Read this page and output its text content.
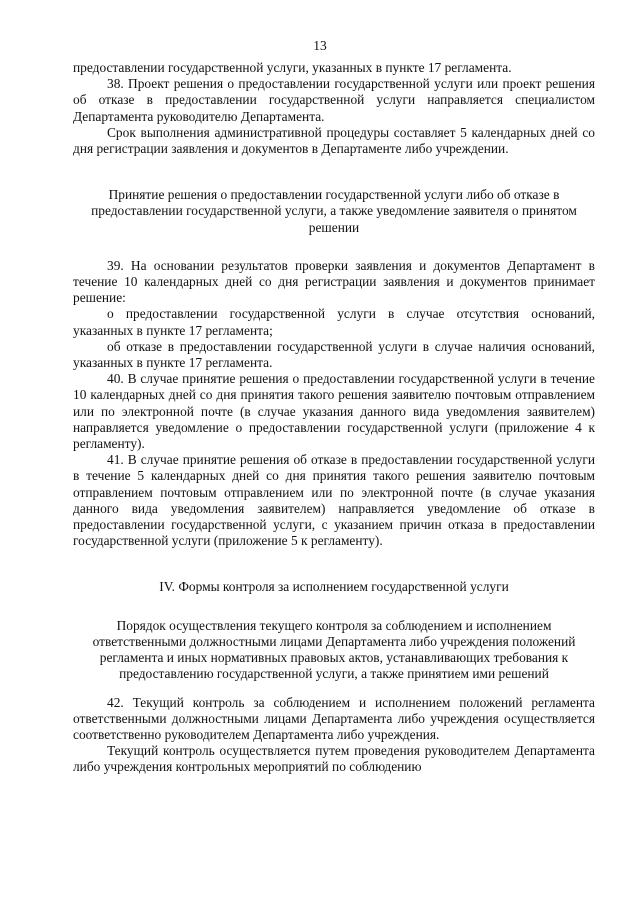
13

предоставлении государственной услуги, указанных в пункте 17 регламента.

38. Проект решения о предоставлении государственной услуги или проект решения об отказе в предоставлении государственной услуги направляется специалистом Департамента руководителю Департамента.

Срок выполнения административной процедуры составляет 5 календарных дней со дня регистрации заявления и документов в Департаменте либо учреждении.

Принятие решения о предоставлении государственной услуги либо об отказе в предоставлении государственной услуги, а также уведомление заявителя о принятом решении

39. На основании результатов проверки заявления и документов Департамент в течение 10 календарных дней со дня регистрации заявления и документов принимает решение:

о предоставлении государственной услуги в случае отсутствия оснований, указанных в пункте 17 регламента;

об отказе в предоставлении государственной услуги в случае наличия оснований, указанных в пункте 17 регламента.

40. В случае принятие решения о предоставлении государственной услуги в течение 10 календарных дней со дня принятия такого решения заявителю почтовым отправлением или по электронной почте (в случае указания данного вида уведомления заявителем) направляется уведомление о предоставлении государственной услуги (приложение 4 к регламенту).

41. В случае принятие решения об отказе в предоставлении государственной услуги в течение 5 календарных дней со дня принятия такого решения заявителю почтовым отправлением почтовым отправлением или по электронной почте (в случае указания данного вида уведомления заявителем) направляется уведомление об отказе в предоставлении государственной услуги, с указанием причин отказа в предоставлении государственной услуги (приложение 5 к регламенту).

IV. Формы контроля за исполнением государственной услуги

Порядок осуществления текущего контроля за соблюдением и исполнением ответственными должностными лицами Департамента либо учреждения положений регламента и иных нормативных правовых актов, устанавливающих требования к предоставлению государственной услуги, а также принятием ими решений

42. Текущий контроль за соблюдением и исполнением положений регламента ответственными должностными лицами Департамента либо учреждения осуществляется соответственно руководителем Департамента либо учреждения.

Текущий контроль осуществляется путем проведения руководителем Департамента либо учреждения контрольных мероприятий по соблюдению
